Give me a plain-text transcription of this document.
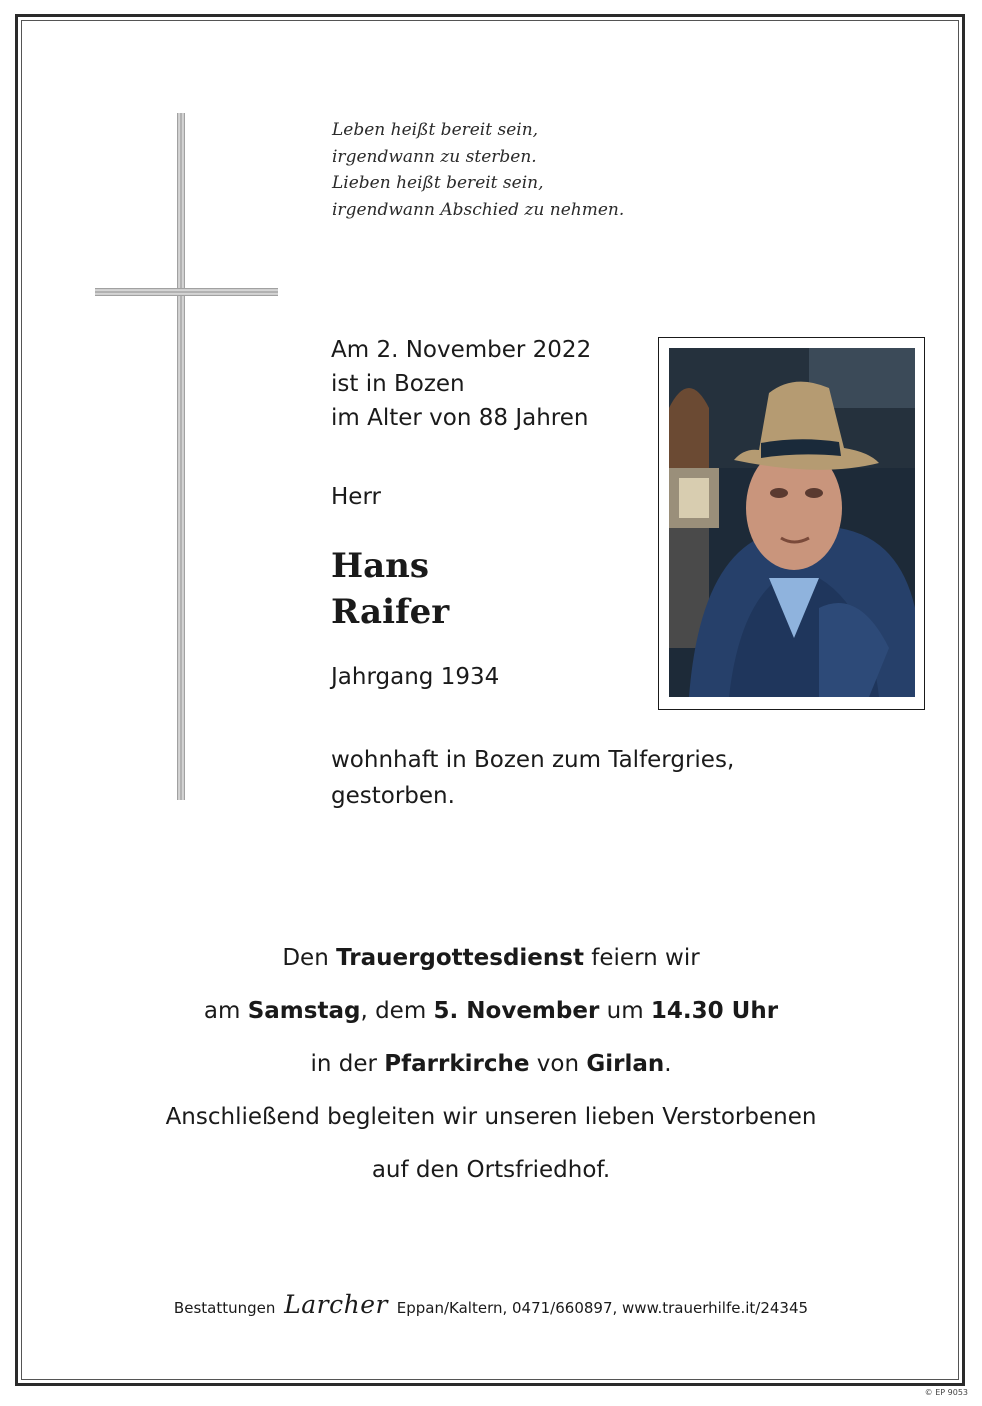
Leben heißt bereit sein,
irgendwann zu sterben.
Lieben heißt bereit sein,
irgendwann Abschied zu nehmen.
Am 2. November 2022
ist in Bozen
im Alter von 88 Jahren
Herr
Hans
Raifer
Jahrgang 1934
wohnhaft in Bozen zum Talfergries,
gestorben.
Den Trauergottesdienst feiern wir
am Samstag, dem 5. November um 14.30 Uhr
in der Pfarrkirche von Girlan.
Anschließend begleiten wir unseren lieben Verstorbenen
auf den Ortsfriedhof.
Bestattungen Larcher Eppan/Kaltern, 0471/660897, www.trauerhilfe.it/24345
© EP 9053
